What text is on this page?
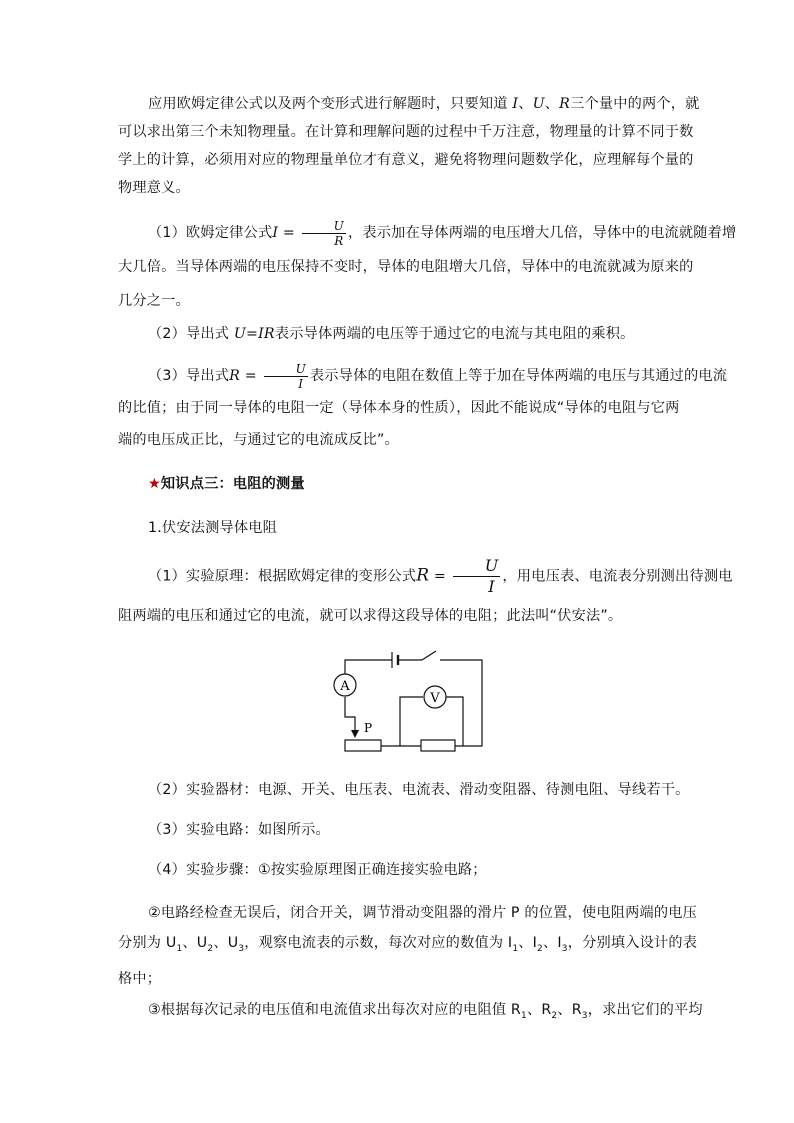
应用欧姆定律公式以及两个变形式进行解题时，只要知道 I、U、R三个量中的两个，就
可以求出第三个未知物理量。在计算和理解问题的过程中千万注意，物理量的计算不同于数
学上的计算，必须用对应的物理量单位才有意义，避免将物理问题数学化，应理解每个量的
物理意义。
（1）欧姆定律公式$I = \frac{U}{R}$ ，表示加在导体两端的电压增大几倍，导体中的电流就随着增
大几倍。当导体两端的电压保持不变时，导体的电阻增大几倍，导体中的电流就减为原来的
几分之一。
（2）导出式 U=IR表示导体两端的电压等于通过它的电流与其电阻的乘积。
（3）导出式$R = \frac{U}{I}$ 表示导体的电阻在数值上等于加在导体两端的电压与其通过的电流
的比值；由于同一导体的电阻一定（导体本身的性质），因此不能说成“导体的电阻与它两
端的电压成正比，与通过它的电流成反比”。
★知识点三：电阻的测量
1.伏安法测导体电阻
（1）实验原理：根据欧姆定律的变形公式$R = \frac{U}{I}$ ，用电压表、电流表分别测出待测电
阻两端的电压和通过它的电流，就可以求得这段导体的电阻；此法叫“伏安法”。
A
V
P
（2）实验器材：电源、开关、电压表、电流表、滑动变阻器、待测电阻、导线若干。
（3）实验电路：如图所示。
（4）实验步骤：①按实验原理图正确连接实验电路；
②电路经检查无误后，闭合开关，调节滑动变阻器的滑片 P 的位置，使电阻两端的电压
分别为 $U_1$、$U_2$、$U_3$，观察电流表的示数，每次对应的数值为 $I_1$、$I_2$、$I_3$，分别填入设计的表
格中；
③根据每次记录的电压值和电流值求出每次对应的电阻值 $R_1$、$R_2$、$R_3$，求出它们的平均
